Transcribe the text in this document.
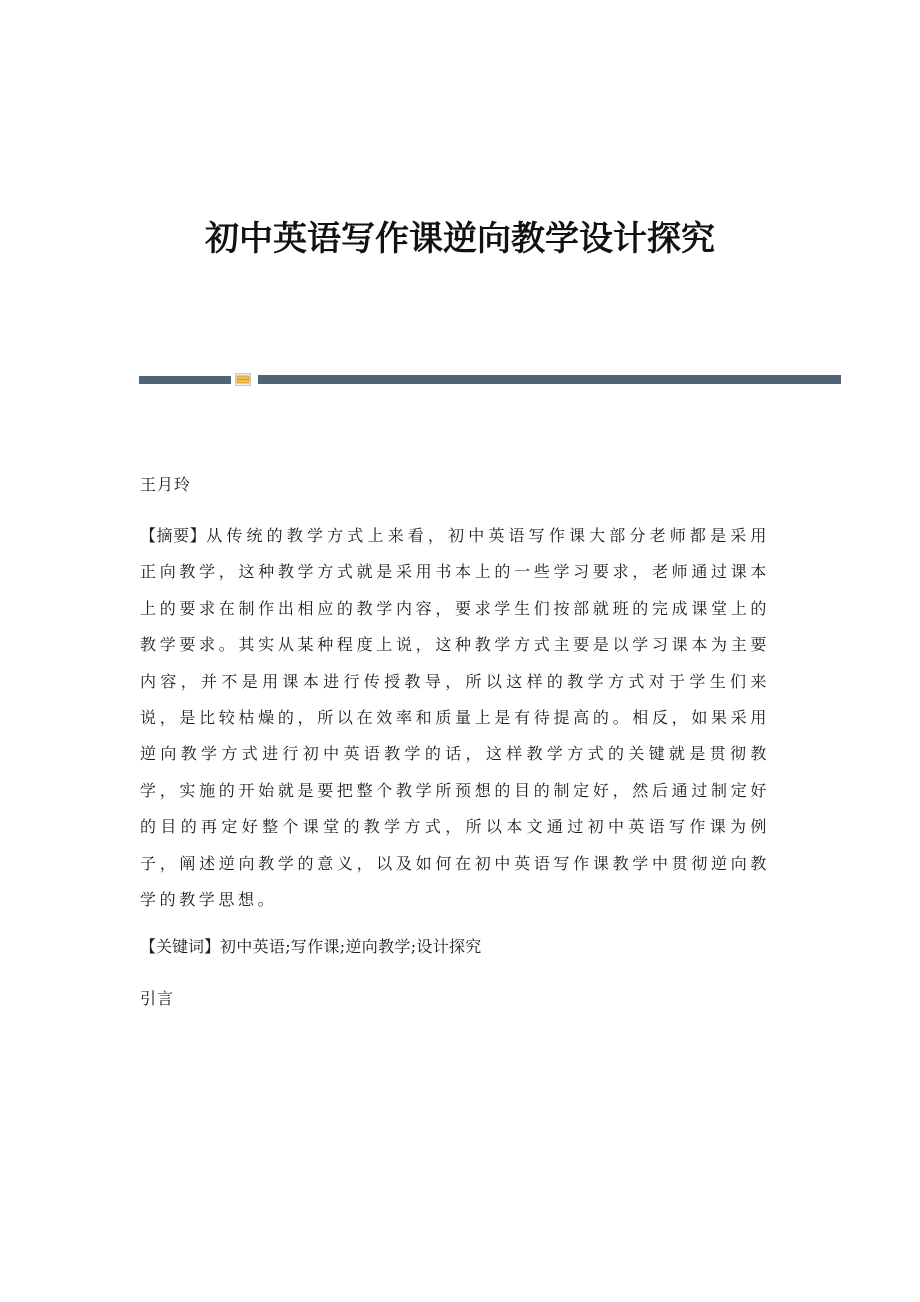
初中英语写作课逆向教学设计探究

王月玲

【摘要】从传统的教学方式上来看，初中英语写作课大部分老师都是采用正向教学，这种教学方式就是采用书本上的一些学习要求，老师通过课本上的要求在制作出相应的教学内容，要求学生们按部就班的完成课堂上的教学要求。其实从某种程度上说，这种教学方式主要是以学习课本为主要内容，并不是用课本进行传授教导，所以这样的教学方式对于学生们来说，是比较枯燥的，所以在效率和质量上是有待提高的。相反，如果采用逆向教学方式进行初中英语教学的话，这样教学方式的关键就是贯彻教学，实施的开始就是要把整个教学所预想的目的制定好，然后通过制定好的目的再定好整个课堂的教学方式，所以本文通过初中英语写作课为例子，阐述逆向教学的意义，以及如何在初中英语写作课教学中贯彻逆向教学的教学思想。

【关键词】初中英语;写作课;逆向教学;设计探究

引言
